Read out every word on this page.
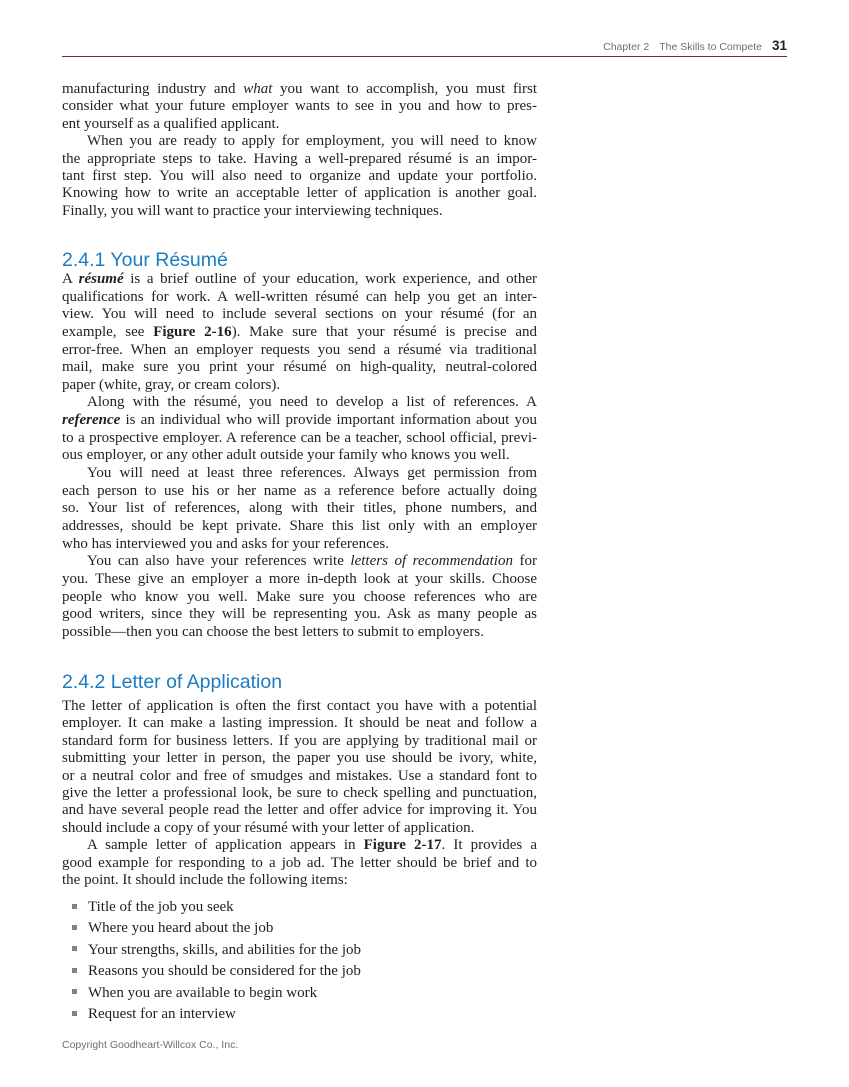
Chapter 2 The Skills to Compete 31
manufacturing industry and what you want to accomplish, you must first
consider what your future employer wants to see in you and how to pres-
ent yourself as a qualified applicant.
When you are ready to apply for employment, you will need to know
the appropriate steps to take. Having a well-prepared résumé is an impor-
tant first step. You will also need to organize and update your portfolio.
Knowing how to write an acceptable letter of application is another goal.
Finally, you will want to practice your interviewing techniques.
2.4.1 Your Résumé
A résumé is a brief outline of your education, work experience, and other
qualifications for work. A well-written résumé can help you get an inter-
view. You will need to include several sections on your résumé (for an
example, see Figure 2-16). Make sure that your résumé is precise and
error-free. When an employer requests you send a résumé via traditional
mail, make sure you print your résumé on high-quality, neutral-colored
paper (white, gray, or cream colors).
Along with the résumé, you need to develop a list of references. A
reference is an individual who will provide important information about you
to a prospective employer. A reference can be a teacher, school official, previ-
ous employer, or any other adult outside your family who knows you well.
You will need at least three references. Always get permission from
each person to use his or her name as a reference before actually doing
so. Your list of references, along with their titles, phone numbers, and
addresses, should be kept private. Share this list only with an employer
who has interviewed you and asks for your references.
You can also have your references write letters of recommendation for
you. These give an employer a more in-depth look at your skills. Choose
people who know you well. Make sure you choose references who are
good writers, since they will be representing you. Ask as many people as
possible—then you can choose the best letters to submit to employers.
2.4.2 Letter of Application
The letter of application is often the first contact you have with a potential
employer. It can make a lasting impression. It should be neat and follow a
standard form for business letters. If you are applying by traditional mail or
submitting your letter in person, the paper you use should be ivory, white,
or a neutral color and free of smudges and mistakes. Use a standard font to
give the letter a professional look, be sure to check spelling and punctuation,
and have several people read the letter and offer advice for improving it. You
should include a copy of your résumé with your letter of application.
A sample letter of application appears in Figure 2-17. It provides a
good example for responding to a job ad. The letter should be brief and to
the point. It should include the following items:
Title of the job you seek
Where you heard about the job
Your strengths, skills, and abilities for the job
Reasons you should be considered for the job
When you are available to begin work
Request for an interview
Copyright Goodheart-Willcox Co., Inc.
